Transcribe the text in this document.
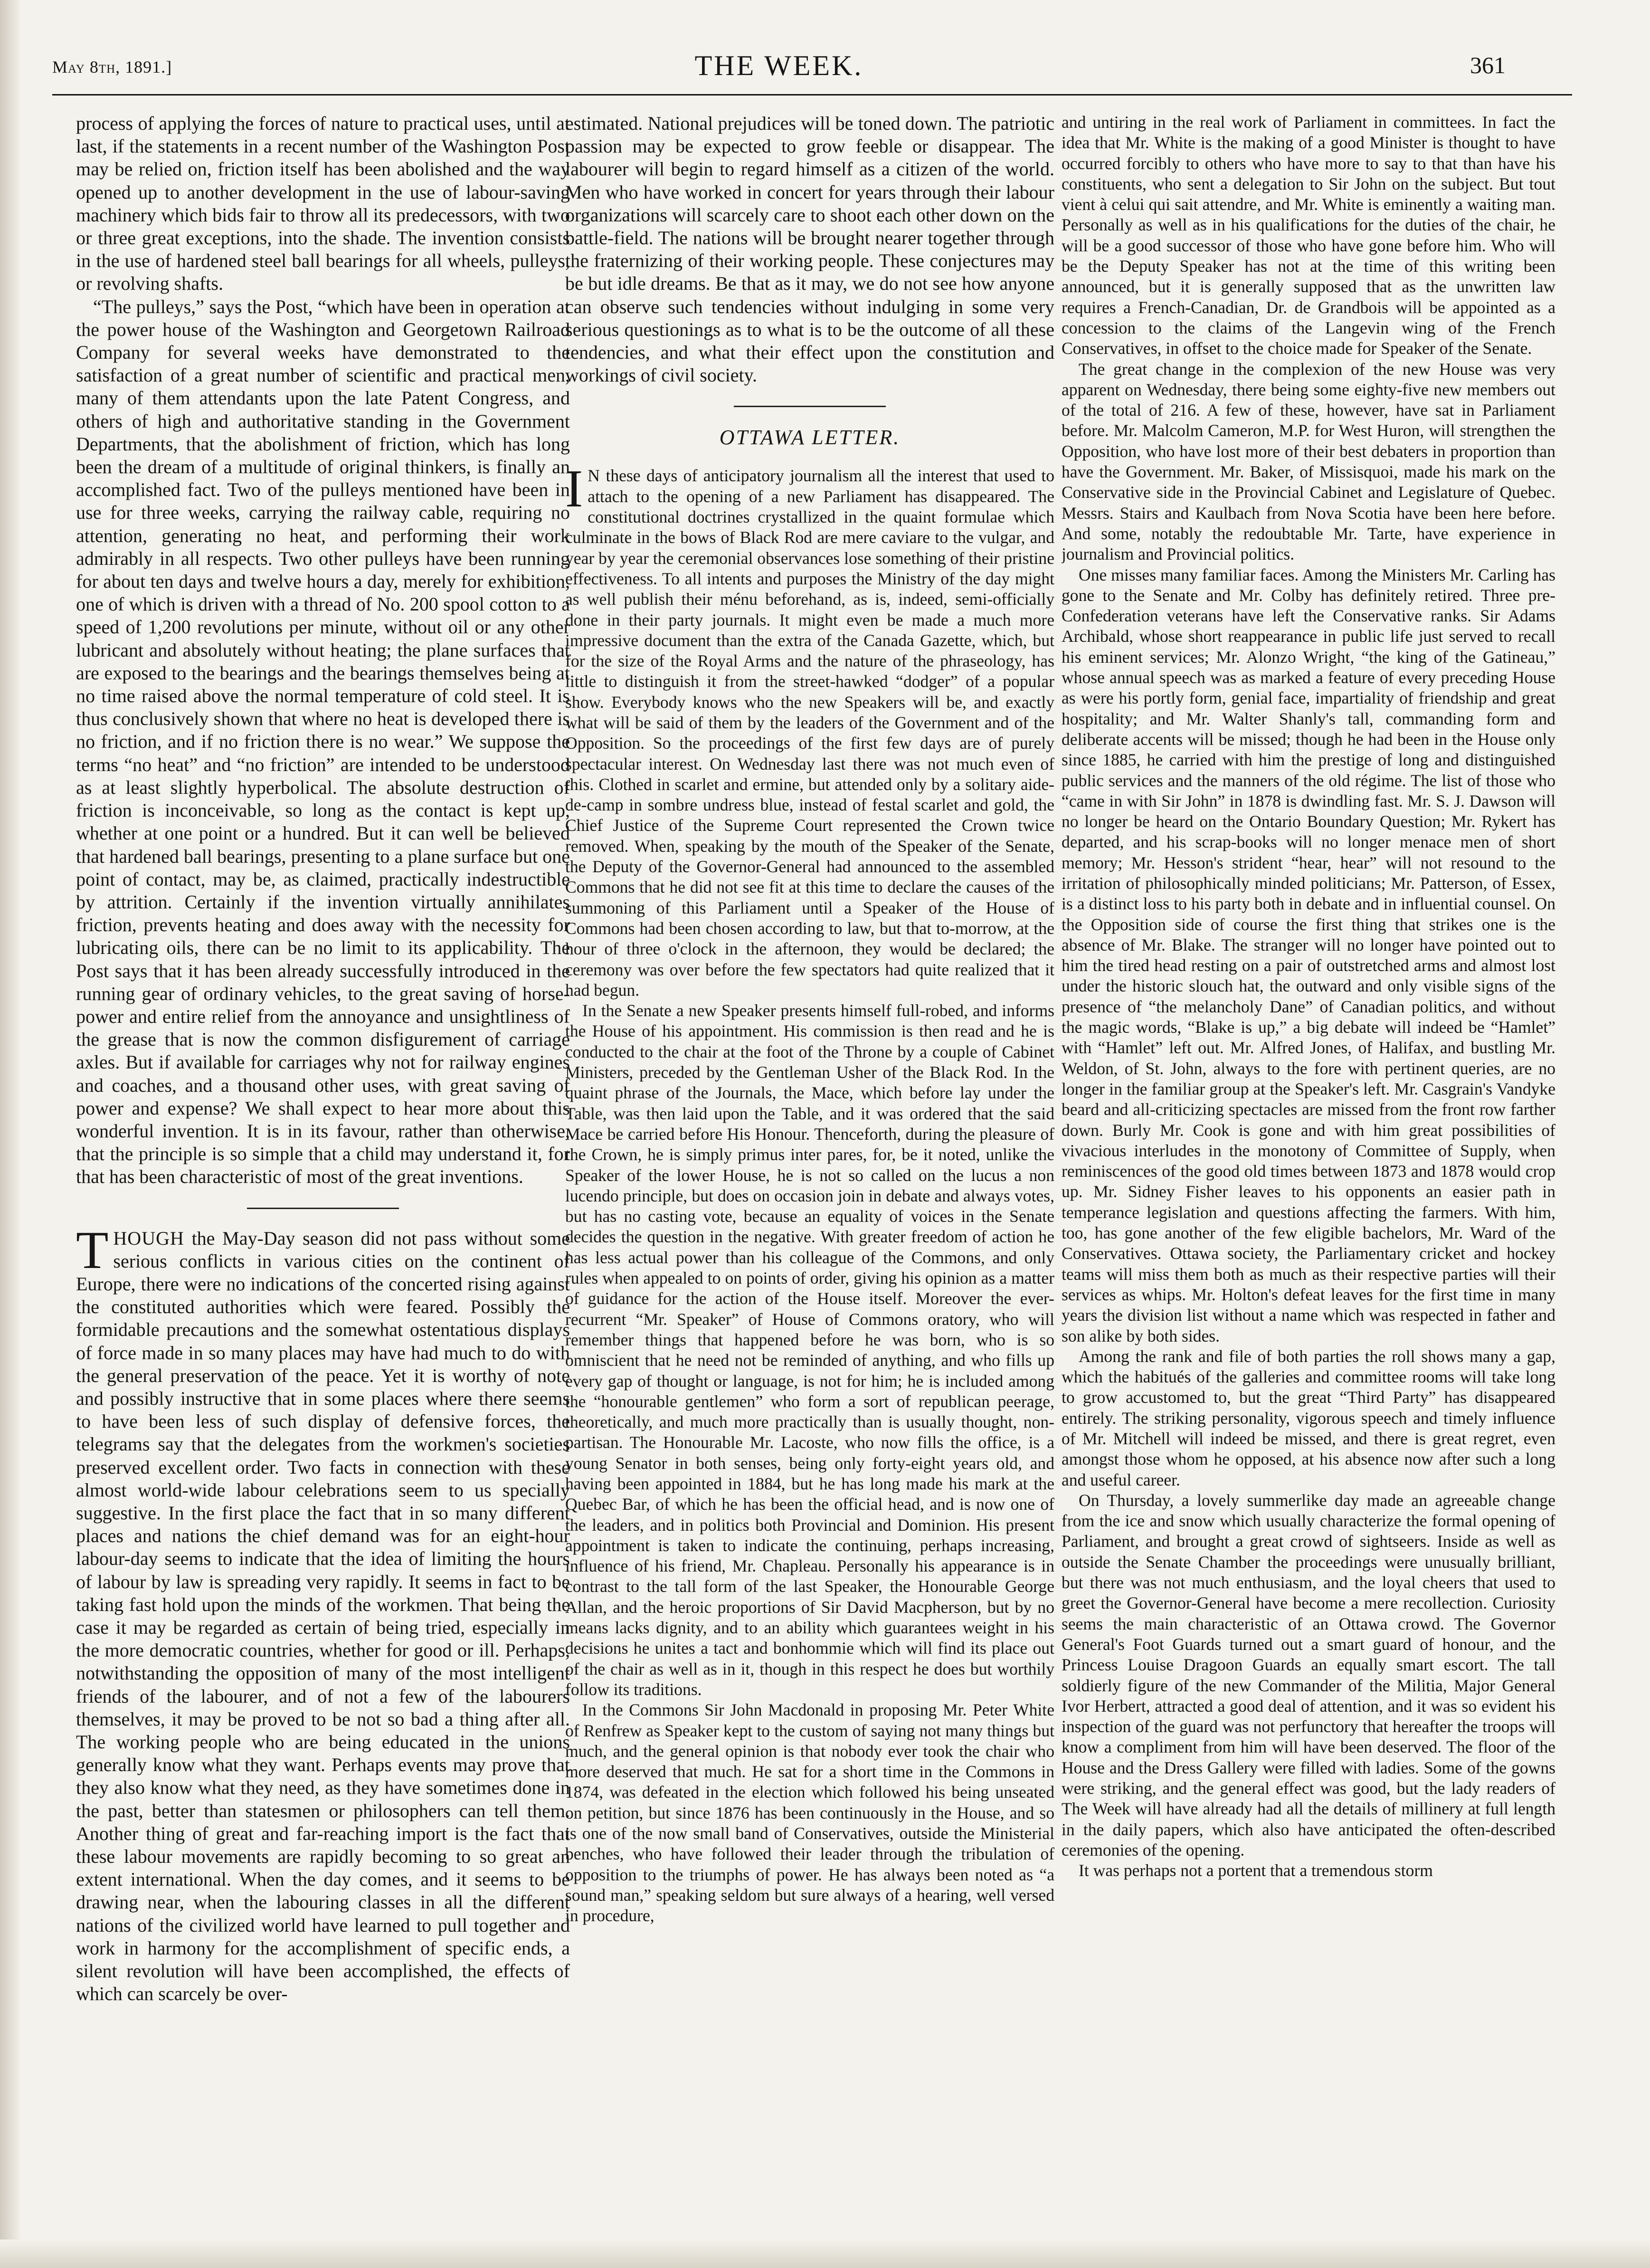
May 8th, 1891.]	THE WEEK.	361

process of applying the forces of nature to practical uses, until at last, if the statements in a recent number of the Washington Post may be relied on, friction itself has been abolished and the way opened up to another development in the use of labour-saving machinery which bids fair to throw all its predecessors, with two or three great exceptions, into the shade. The invention consists in the use of hardened steel ball bearings for all wheels, pulleys, or revolving shafts.

“The pulleys,” says the Post, “which have been in operation at the power house of the Washington and Georgetown Railroad Company for several weeks have demonstrated to the satisfaction of a great number of scientific and practical men, many of them attendants upon the late Patent Congress, and others of high and authoritative standing in the Government Departments, that the abolishment of friction, which has long been the dream of a multitude of original thinkers, is finally an accomplished fact. Two of the pulleys mentioned have been in use for three weeks, carrying the railway cable, requiring no attention, generating no heat, and performing their work admirably in all respects. Two other pulleys have been running for about ten days and twelve hours a day, merely for exhibition, one of which is driven with a thread of No. 200 spool cotton to a speed of 1,200 revolutions per minute, without oil or any other lubricant and absolutely without heating; the plane surfaces that are exposed to the bearings and the bearings themselves being at no time raised above the normal temperature of cold steel. It is thus conclusively shown that where no heat is developed there is no friction, and if no friction there is no wear.” We suppose the terms “no heat” and “no friction” are intended to be understood as at least slightly hyperbolical. The absolute destruction of friction is inconceivable, so long as the contact is kept up, whether at one point or a hundred. But it can well be believed that hardened ball bearings, presenting to a plane surface but one point of contact, may be, as claimed, practically indestructible by attrition. Certainly if the invention virtually annihilates friction, prevents heating and does away with the necessity for lubricating oils, there can be no limit to its applicability. The Post says that it has been already successfully introduced in the running gear of ordinary vehicles, to the great saving of horse-power and entire relief from the annoyance and unsightliness of the grease that is now the common disfigurement of carriage axles. But if available for carriages why not for railway engines and coaches, and a thousand other uses, with great saving of power and expense? We shall expect to hear more about this wonderful invention. It is in its favour, rather than otherwise, that the principle is so simple that a child may understand it, for that has been characteristic of most of the great inventions.

THOUGH the May-Day season did not pass without some serious conflicts in various cities on the continent of Europe, there were no indications of the concerted rising against the constituted authorities which were feared. Possibly the formidable precautions and the somewhat ostentatious displays of force made in so many places may have had much to do with the general preservation of the peace. Yet it is worthy of note and possibly instructive that in some places where there seems to have been less of such display of defensive forces, the telegrams say that the delegates from the workmen's societies preserved excellent order. Two facts in connection with these almost world-wide labour celebrations seem to us specially suggestive. In the first place the fact that in so many different places and nations the chief demand was for an eight-hour labour-day seems to indicate that the idea of limiting the hours of labour by law is spreading very rapidly. It seems in fact to be taking fast hold upon the minds of the workmen. That being the case it may be regarded as certain of being tried, especially in the more democratic countries, whether for good or ill. Perhaps, notwithstanding the opposition of many of the most intelligent friends of the labourer, and of not a few of the labourers themselves, it may be proved to be not so bad a thing after all. The working people who are being educated in the unions generally know what they want. Perhaps events may prove that they also know what they need, as they have sometimes done in the past, better than statesmen or philosophers can tell them. Another thing of great and far-reaching import is the fact that these labour movements are rapidly becoming to so great an extent international. When the day comes, and it seems to be drawing near, when the labouring classes in all the different nations of the civilized world have learned to pull together and work in harmony for the accomplishment of specific ends, a silent revolution will have been accomplished, the effects of which can scarcely be over-

estimated. National prejudices will be toned down. The patriotic passion may be expected to grow feeble or disappear. The labourer will begin to regard himself as a citizen of the world. Men who have worked in concert for years through their labour organizations will scarcely care to shoot each other down on the battle-field. The nations will be brought nearer together through the fraternizing of their working people. These conjectures may be but idle dreams. Be that as it may, we do not see how anyone can observe such tendencies without indulging in some very serious questionings as to what is to be the outcome of all these tendencies, and what their effect upon the constitution and workings of civil society.

OTTAWA LETTER.

I N these days of anticipatory journalism all the interest that used to attach to the opening of a new Parliament has disappeared. The constitutional doctrines crystallized in the quaint formulae which culminate in the bows of Black Rod are mere caviare to the vulgar, and year by year the ceremonial observances lose something of their pristine effectiveness. To all intents and purposes the Ministry of the day might as well publish their ménu beforehand, as is, indeed, semi-officially done in their party journals. It might even be made a much more impressive document than the extra of the Canada Gazette, which, but for the size of the Royal Arms and the nature of the phraseology, has little to distinguish it from the street-hawked “dodger” of a popular show. Everybody knows who the new Speakers will be, and exactly what will be said of them by the leaders of the Government and of the Opposition. So the proceedings of the first few days are of purely spectacular interest. On Wednesday last there was not much even of this. Clothed in scarlet and ermine, but attended only by a solitary aide-de-camp in sombre undress blue, instead of festal scarlet and gold, the Chief Justice of the Supreme Court represented the Crown twice removed. When, speaking by the mouth of the Speaker of the Senate, the Deputy of the Governor-General had announced to the assembled Commons that he did not see fit at this time to declare the causes of the summoning of this Parliament until a Speaker of the House of Commons had been chosen according to law, but that to-morrow, at the hour of three o'clock in the afternoon, they would be declared; the ceremony was over before the few spectators had quite realized that it had begun.

In the Senate a new Speaker presents himself full-robed, and informs the House of his appointment. His commission is then read and he is conducted to the chair at the foot of the Throne by a couple of Cabinet Ministers, preceded by the Gentleman Usher of the Black Rod. In the quaint phrase of the Journals, the Mace, which before lay under the Table, was then laid upon the Table, and it was ordered that the said Mace be carried before His Honour. Thenceforth, during the pleasure of the Crown, he is simply primus inter pares, for, be it noted, unlike the Speaker of the lower House, he is not so called on the lucus a non lucendo principle, but does on occasion join in debate and always votes, but has no casting vote, because an equality of voices in the Senate decides the question in the negative. With greater freedom of action he has less actual power than his colleague of the Commons, and only rules when appealed to on points of order, giving his opinion as a matter of guidance for the action of the House itself. Moreover the ever-recurrent “Mr. Speaker” of House of Commons oratory, who will remember things that happened before he was born, who is so omniscient that he need not be reminded of anything, and who fills up every gap of thought or language, is not for him; he is included among the “honourable gentlemen” who form a sort of republican peerage, theoretically, and much more practically than is usually thought, non-partisan. The Honourable Mr. Lacoste, who now fills the office, is a young Senator in both senses, being only forty-eight years old, and having been appointed in 1884, but he has long made his mark at the Quebec Bar, of which he has been the official head, and is now one of the leaders, and in politics both Provincial and Dominion. His present appointment is taken to indicate the continuing, perhaps increasing, influence of his friend, Mr. Chapleau. Personally his appearance is in contrast to the tall form of the last Speaker, the Honourable George Allan, and the heroic proportions of Sir David Macpherson, but by no means lacks dignity, and to an ability which guarantees weight in his decisions he unites a tact and bonhommie which will find its place out of the chair as well as in it, though in this respect he does but worthily follow its traditions.

In the Commons Sir John Macdonald in proposing Mr. Peter White of Renfrew as Speaker kept to the custom of saying not many things but much, and the general opinion is that nobody ever took the chair who more deserved that much. He sat for a short time in the Commons in 1874, was defeated in the election which followed his being unseated on petition, but since 1876 has been continuously in the House, and so is one of the now small band of Conservatives, outside the Ministerial benches, who have followed their leader through the tribulation of opposition to the triumphs of power. He has always been noted as “a sound man,” speaking seldom but sure always of a hearing, well versed in procedure,

and untiring in the real work of Parliament in committees. In fact the idea that Mr. White is the making of a good Minister is thought to have occurred forcibly to others who have more to say to that than have his constituents, who sent a delegation to Sir John on the subject. But tout vient à celui qui sait attendre, and Mr. White is eminently a waiting man. Personally as well as in his qualifications for the duties of the chair, he will be a good successor of those who have gone before him. Who will be the Deputy Speaker has not at the time of this writing been announced, but it is generally supposed that as the unwritten law requires a French-Canadian, Dr. de Grandbois will be appointed as a concession to the claims of the Langevin wing of the French Conservatives, in offset to the choice made for Speaker of the Senate.

The great change in the complexion of the new House was very apparent on Wednesday, there being some eighty-five new members out of the total of 216. A few of these, however, have sat in Parliament before. Mr. Malcolm Cameron, M.P. for West Huron, will strengthen the Opposition, who have lost more of their best debaters in proportion than have the Government. Mr. Baker, of Missisquoi, made his mark on the Conservative side in the Provincial Cabinet and Legislature of Quebec. Messrs. Stairs and Kaulbach from Nova Scotia have been here before. And some, notably the redoubtable Mr. Tarte, have experience in journalism and Provincial politics.

One misses many familiar faces. Among the Ministers Mr. Carling has gone to the Senate and Mr. Colby has definitely retired. Three pre-Confederation veterans have left the Conservative ranks. Sir Adams Archibald, whose short reappearance in public life just served to recall his eminent services; Mr. Alonzo Wright, “the king of the Gatineau,” whose annual speech was as marked a feature of every preceding House as were his portly form, genial face, impartiality of friendship and great hospitality; and Mr. Walter Shanly's tall, commanding form and deliberate accents will be missed; though he had been in the House only since 1885, he carried with him the prestige of long and distinguished public services and the manners of the old régime. The list of those who “came in with Sir John” in 1878 is dwindling fast. Mr. S. J. Dawson will no longer be heard on the Ontario Boundary Question; Mr. Rykert has departed, and his scrap-books will no longer menace men of short memory; Mr. Hesson's strident “hear, hear” will not resound to the irritation of philosophically minded politicians; Mr. Patterson, of Essex, is a distinct loss to his party both in debate and in influential counsel. On the Opposition side of course the first thing that strikes one is the absence of Mr. Blake. The stranger will no longer have pointed out to him the tired head resting on a pair of outstretched arms and almost lost under the historic slouch hat, the outward and only visible signs of the presence of “the melancholy Dane” of Canadian politics, and without the magic words, “Blake is up,” a big debate will indeed be “Hamlet” with “Hamlet” left out. Mr. Alfred Jones, of Halifax, and bustling Mr. Weldon, of St. John, always to the fore with pertinent queries, are no longer in the familiar group at the Speaker's left. Mr. Casgrain's Vandyke beard and all-criticizing spectacles are missed from the front row farther down. Burly Mr. Cook is gone and with him great possibilities of vivacious interludes in the monotony of Committee of Supply, when reminiscences of the good old times between 1873 and 1878 would crop up. Mr. Sidney Fisher leaves to his opponents an easier path in temperance legislation and questions affecting the farmers. With him, too, has gone another of the few eligible bachelors, Mr. Ward of the Conservatives. Ottawa society, the Parliamentary cricket and hockey teams will miss them both as much as their respective parties will their services as whips. Mr. Holton's defeat leaves for the first time in many years the division list without a name which was respected in father and son alike by both sides.

Among the rank and file of both parties the roll shows many a gap, which the habitués of the galleries and committee rooms will take long to grow accustomed to, but the great “Third Party” has disappeared entirely. The striking personality, vigorous speech and timely influence of Mr. Mitchell will indeed be missed, and there is great regret, even amongst those whom he opposed, at his absence now after such a long and useful career.

On Thursday, a lovely summerlike day made an agreeable change from the ice and snow which usually characterize the formal opening of Parliament, and brought a great crowd of sightseers. Inside as well as outside the Senate Chamber the proceedings were unusually brilliant, but there was not much enthusiasm, and the loyal cheers that used to greet the Governor-General have become a mere recollection. Curiosity seems the main characteristic of an Ottawa crowd. The Governor General's Foot Guards turned out a smart guard of honour, and the Princess Louise Dragoon Guards an equally smart escort. The tall soldierly figure of the new Commander of the Militia, Major General Ivor Herbert, attracted a good deal of attention, and it was so evident his inspection of the guard was not perfunctory that hereafter the troops will know a compliment from him will have been deserved. The floor of the House and the Dress Gallery were filled with ladies. Some of the gowns were striking, and the general effect was good, but the lady readers of The Week will have already had all the details of millinery at full length in the daily papers, which also have anticipated the often-described ceremonies of the opening.

It was perhaps not a portent that a tremendous storm
